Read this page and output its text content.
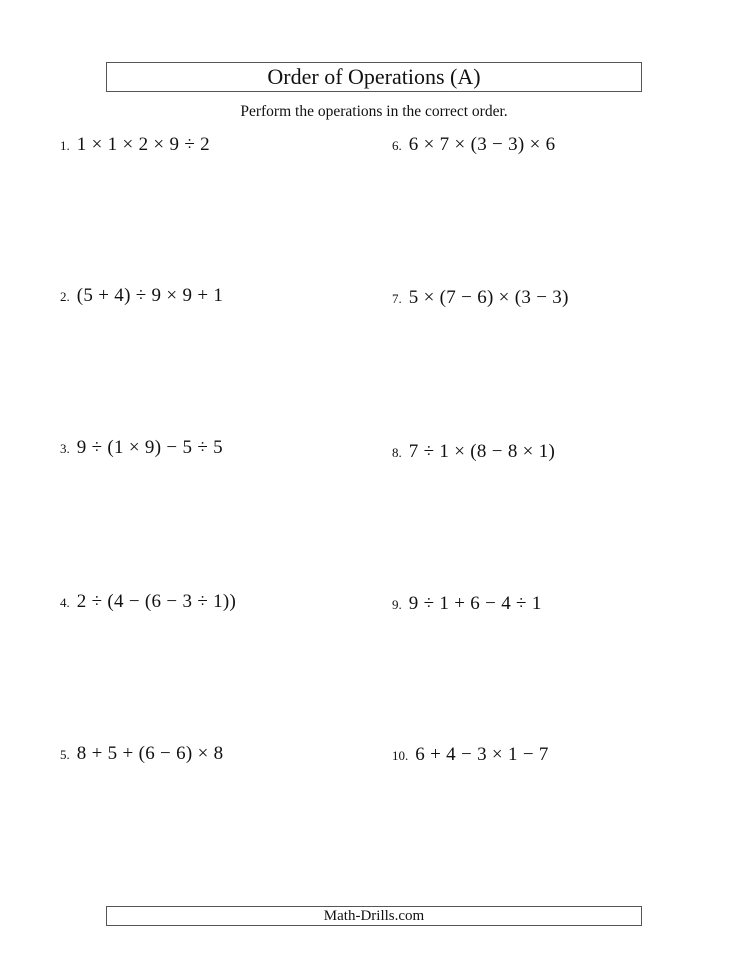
Order of Operations (A)
Perform the operations in the correct order.
1. 1 × 1 × 2 × 9 ÷ 2
2. (5 + 4) ÷ 9 × 9 + 1
3. 9 ÷ (1 × 9) − 5 ÷ 5
4. 2 ÷ (4 − (6 − 3 ÷ 1))
5. 8 + 5 + (6 − 6) × 8
6. 6 × 7 × (3 − 3) × 6
7. 5 × (7 − 6) × (3 − 3)
8. 7 ÷ 1 × (8 − 8 × 1)
9. 9 ÷ 1 + 6 − 4 ÷ 1
10. 6 + 4 − 3 × 1 − 7
Math-Drills.com
